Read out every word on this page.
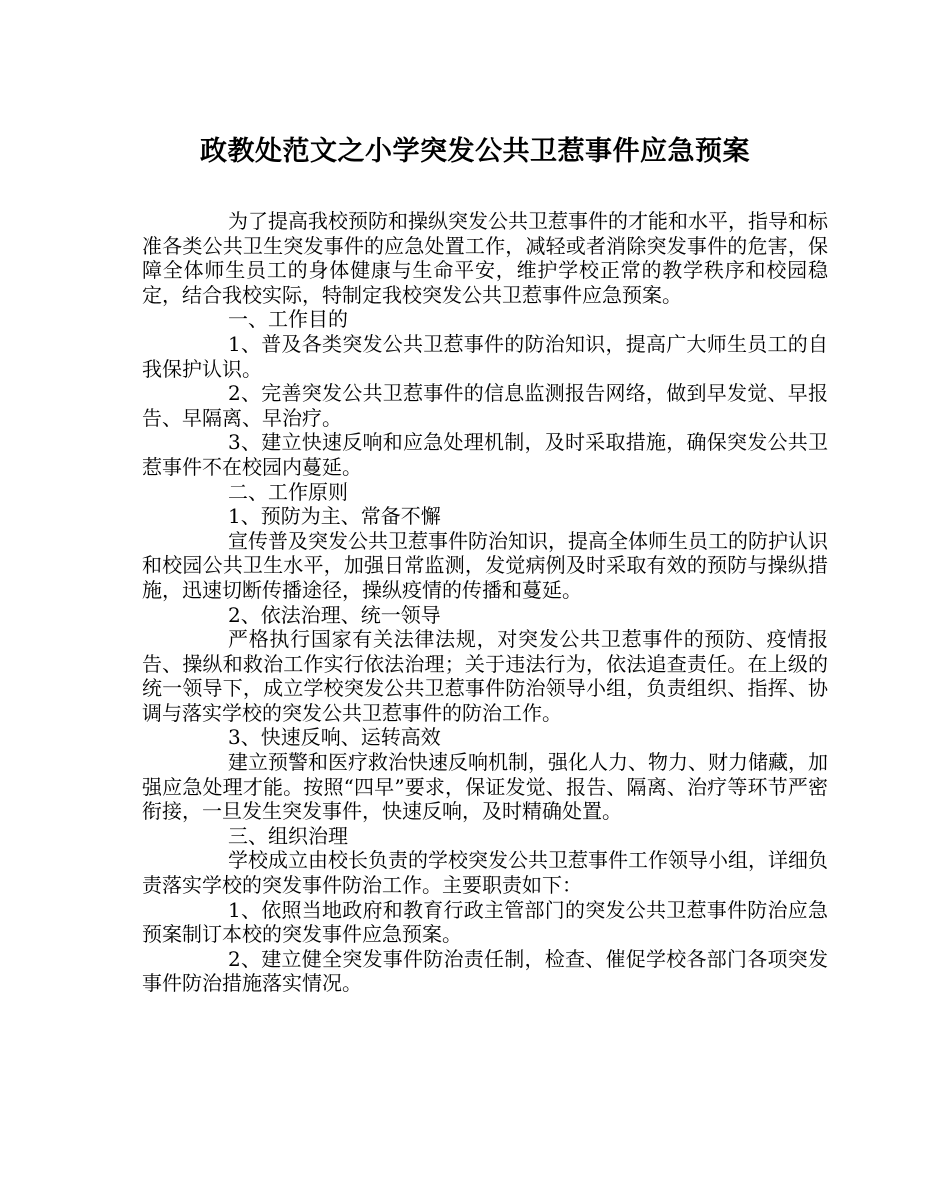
政教处范文之小学突发公共卫惹事件应急预案

为了提高我校预防和操纵突发公共卫惹事件的才能和水平，指导和标准各类公共卫生突发事件的应急处置工作，减轻或者消除突发事件的危害，保障全体师生员工的身体健康与生命平安，维护学校正常的教学秩序和校园稳定，结合我校实际，特制定我校突发公共卫惹事件应急预案。

一、工作目的

1、普及各类突发公共卫惹事件的防治知识，提高广大师生员工的自我保护认识。

2、完善突发公共卫惹事件的信息监测报告网络，做到早发觉、早报告、早隔离、早治疗。

3、建立快速反响和应急处理机制，及时采取措施，确保突发公共卫惹事件不在校园内蔓延。

二、工作原则

1、预防为主、常备不懈

宣传普及突发公共卫惹事件防治知识，提高全体师生员工的防护认识和校园公共卫生水平，加强日常监测，发觉病例及时采取有效的预防与操纵措施，迅速切断传播途径，操纵疫情的传播和蔓延。

2、依法治理、统一领导

严格执行国家有关法律法规，对突发公共卫惹事件的预防、疫情报告、操纵和救治工作实行依法治理；关于违法行为，依法追查责任。在上级的统一领导下，成立学校突发公共卫惹事件防治领导小组，负责组织、指挥、协调与落实学校的突发公共卫惹事件的防治工作。

3、快速反响、运转高效

建立预警和医疗救治快速反响机制，强化人力、物力、财力储藏，加强应急处理才能。按照“四早”要求，保证发觉、报告、隔离、治疗等环节严密衔接，一旦发生突发事件，快速反响，及时精确处置。

三、组织治理

学校成立由校长负责的学校突发公共卫惹事件工作领导小组，详细负责落实学校的突发事件防治工作。主要职责如下：

1、依照当地政府和教育行政主管部门的突发公共卫惹事件防治应急预案制订本校的突发事件应急预案。

2、建立健全突发事件防治责任制，检查、催促学校各部门各项突发事件防治措施落实情况。
